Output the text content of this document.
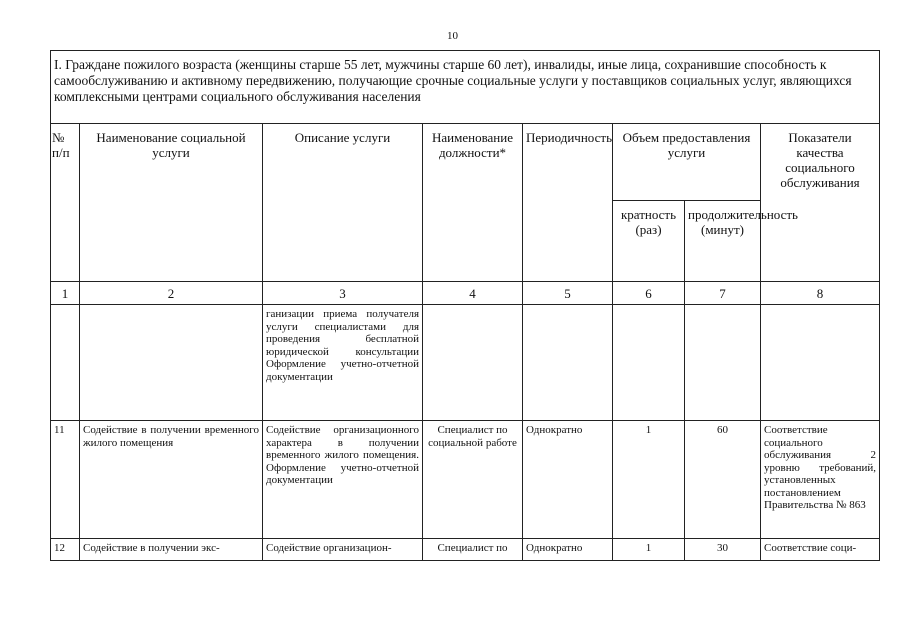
10
I. Граждане пожилого возраста (женщины старше 55 лет, мужчины старше 60 лет), инвалиды, иные лица, сохранившие способность к самообслуживанию и активному передвижению, получающие срочные социальные услуги у поставщиков социальных услуг, являющихся комплексными центрами социального обслуживания населения							
№ п/п	Наименование социальной услуги	Описание услуги	Наименование должности*	Периодичность	Объем предоставления услуги		Показатели качества социального обслуживания
					кратность (раз)	продолжительность (минут)	
1	2	3	4	5	6	7	8
		ганизации приема получателя услуги специалистами для проведения бесплатной юридической консультации Оформление учетно-отчетной документации					
11	Содействие в получении временного жилого помещения	Содействие организационного характера в получении временного жилого помещения. Оформление учетно-отчетной документации	Специалист по социальной работе	Однократно	1	60	Соответствие социального обслуживания 2 уровню требований, установленных постановлением Правительства № 863
12	Содействие в получении экс-	Содействие организацион-	Специалист по	Однократно	1	30	Соответствие соци-
